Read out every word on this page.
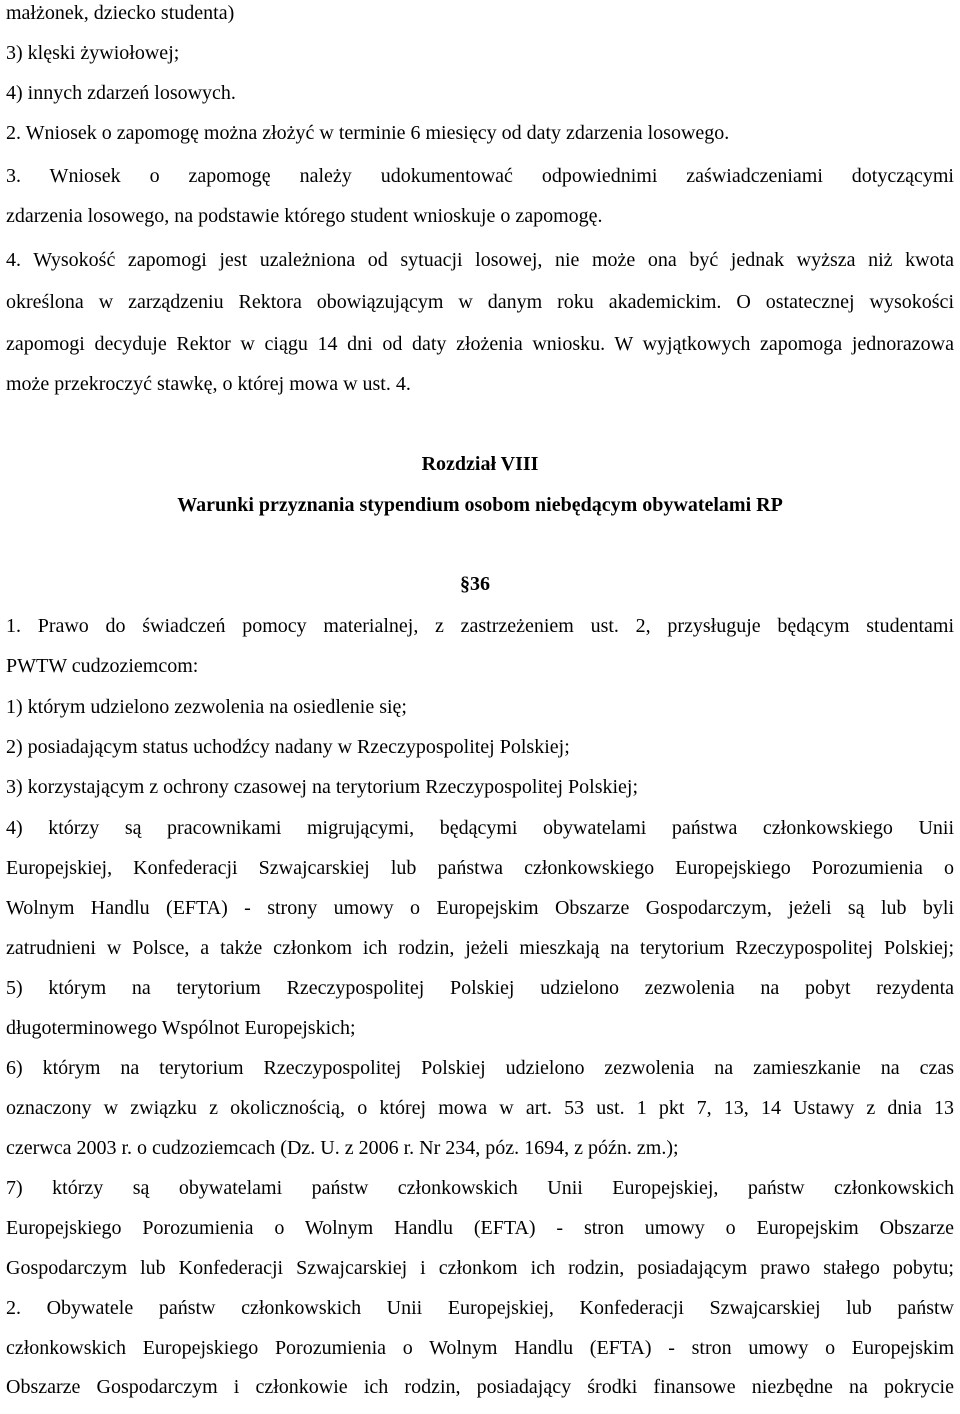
małżonek, dziecko studenta)
3) klęski żywiołowej;
4) innych zdarzeń losowych.
2. Wniosek o zapomogę można złożyć w terminie 6 miesięcy od daty zdarzenia losowego.
3. Wniosek o zapomogę należy udokumentować odpowiednimi zaświadczeniami dotyczącymi
zdarzenia losowego, na podstawie którego student wnioskuje o zapomogę.
4. Wysokość zapomogi jest uzależniona od sytuacji losowej, nie może ona być jednak wyższa niż kwota
określona w zarządzeniu Rektora obowiązującym w danym roku akademickim. O ostatecznej wysokości
zapomogi decyduje Rektor w ciągu 14 dni od daty złożenia wniosku. W wyjątkowych zapomoga jednorazowa
może przekroczyć stawkę, o której mowa w ust. 4.
Rozdział VIII
Warunki przyznania stypendium osobom niebędącym obywatelami RP
§36
1. Prawo do świadczeń pomocy materialnej, z zastrzeżeniem ust. 2, przysługuje będącym studentami
PWTW cudzoziemcom:
1) którym udzielono zezwolenia na osiedlenie się;
2) posiadającym status uchodźcy nadany w Rzeczypospolitej Polskiej;
3) korzystającym z ochrony czasowej na terytorium Rzeczypospolitej Polskiej;
4) którzy są pracownikami migrującymi, będącymi obywatelami państwa członkowskiego Unii
Europejskiej, Konfederacji Szwajcarskiej lub państwa członkowskiego Europejskiego Porozumienia o
Wolnym Handlu (EFTA) - strony umowy o Europejskim Obszarze Gospodarczym, jeżeli są lub byli
zatrudnieni w Polsce, a także członkom ich rodzin, jeżeli mieszkają na terytorium Rzeczypospolitej Polskiej;
5) którym na terytorium Rzeczypospolitej Polskiej udzielono zezwolenia na pobyt rezydenta
długoterminowego Wspólnot Europejskich;
6) którym na terytorium Rzeczypospolitej Polskiej udzielono zezwolenia na zamieszkanie na czas
oznaczony w związku z okolicznością, o której mowa w art. 53 ust. 1 pkt 7, 13, 14 Ustawy z dnia 13
czerwca 2003 r. o cudzoziemcach (Dz. U. z 2006 r. Nr 234, póz. 1694, z późn. zm.);
7) którzy są obywatelami państw członkowskich Unii Europejskiej, państw członkowskich
Europejskiego Porozumienia o Wolnym Handlu (EFTA) - stron umowy o Europejskim Obszarze
Gospodarczym lub Konfederacji Szwajcarskiej i członkom ich rodzin, posiadającym prawo stałego pobytu;
2. Obywatele państw członkowskich Unii Europejskiej, Konfederacji Szwajcarskiej lub państw
członkowskich Europejskiego Porozumienia o Wolnym Handlu (EFTA) - stron umowy o Europejskim
Obszarze Gospodarczym i członkowie ich rodzin, posiadający środki finansowe niezbędne na pokrycie
